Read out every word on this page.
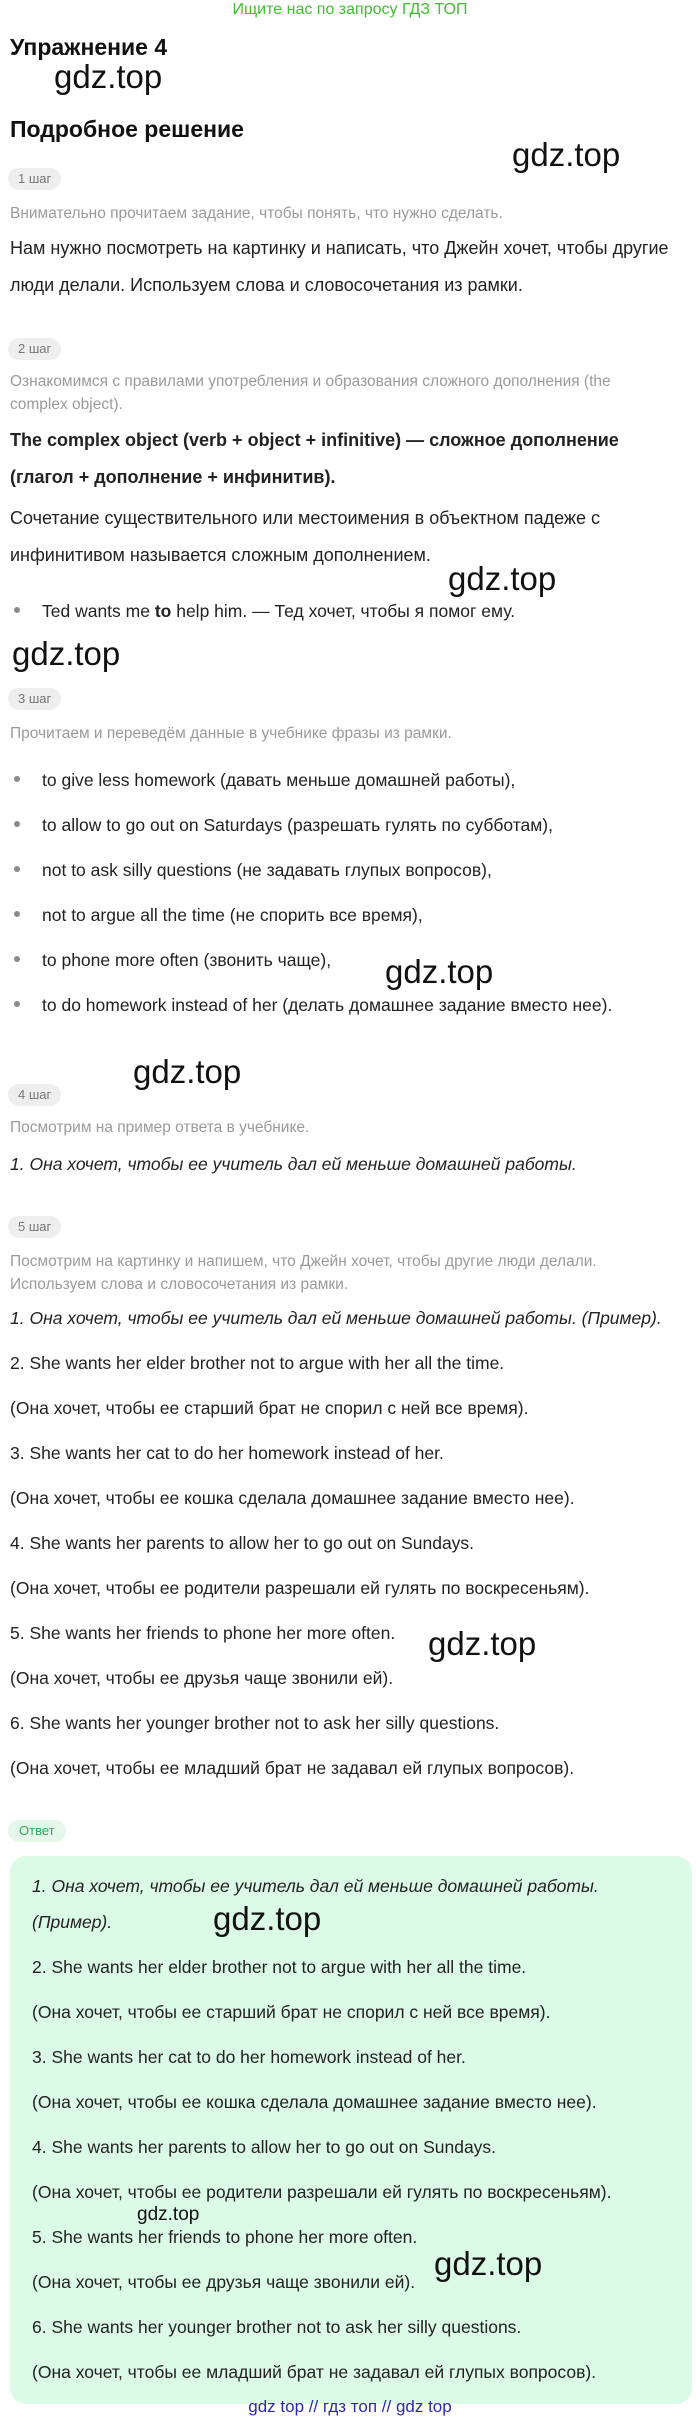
Ищите нас по запросу ГДЗ ТОП
Упражнение 4
gdz.top
Подробное решение
gdz.top
1 шаг
Внимательно прочитаем задание, чтобы понять, что нужно сделать.
Нам нужно посмотреть на картинку и написать, что Джейн хочет, чтобы другие люди делали. Используем слова и словосочетания из рамки.
2 шаг
Ознакомимся с правилами употребления и образования сложного дополнения (the complex object).
The complex object (verb + object + infinitive) — сложное дополнение (глагол + дополнение + инфинитив).
Сочетание существительного или местоимения в объектном падеже с инфинитивом называется сложным дополнением.
gdz.top
Ted wants me to help him. — Тед хочет, чтобы я помог ему.
gdz.top
3 шаг
Прочитаем и переведём данные в учебнике фразы из рамки.
to give less homework (давать меньше домашней работы),
to allow to go out on Saturdays (разрешать гулять по субботам),
not to ask silly questions (не задавать глупых вопросов),
not to argue all the time (не спорить все время),
to phone more often (звонить чаще), gdz.top
to do homework instead of her (делать домашнее задание вместо нее).
gdz.top
4 шаг
Посмотрим на пример ответа в учебнике.
1. Она хочет, чтобы ее учитель дал ей меньше домашней работы.
5 шаг
Посмотрим на картинку и напишем, что Джейн хочет, чтобы другие люди делали. Используем слова и словосочетания из рамки.
1. Она хочет, чтобы ее учитель дал ей меньше домашней работы. (Пример).
2. She wants her elder brother not to argue with her all the time.
(Она хочет, чтобы ее старший брат не спорил с ней все время).
3. She wants her cat to do her homework instead of her.
(Она хочет, чтобы ее кошка сделала домашнее задание вместо нее).
4. She wants her parents to allow her to go out on Sundays.
(Она хочет, чтобы ее родители разрешали ей гулять по воскресеньям).
5. She wants her friends to phone her more often. gdz.top
(Она хочет, чтобы ее друзья чаще звонили ей).
6. She wants her younger brother not to ask her silly questions.
(Она хочет, чтобы ее младший брат не задавал ей глупых вопросов).
Ответ
1. Она хочет, чтобы ее учитель дал ей меньше домашней работы.
(Пример).	gdz.top
2. She wants her elder brother not to argue with her all the time.
(Она хочет, чтобы ее старший брат не спорил с ней все время).
3. She wants her cat to do her homework instead of her.
(Она хочет, чтобы ее кошка сделала домашнее задание вместо нее).
4. She wants her parents to allow her to go out on Sundays.
(Она хочет, чтобы ее родители разрешали ей гулять по воскресеньям).
gdz.top
5. She wants her friends to phone her more often.
gdz.top
(Она хочет, чтобы ее друзья чаще звонили ей).
6. She wants her younger brother not to ask her silly questions.
(Она хочет, чтобы ее младший брат не задавал ей глупых вопросов).
gdz top // гдз топ // gdz top
